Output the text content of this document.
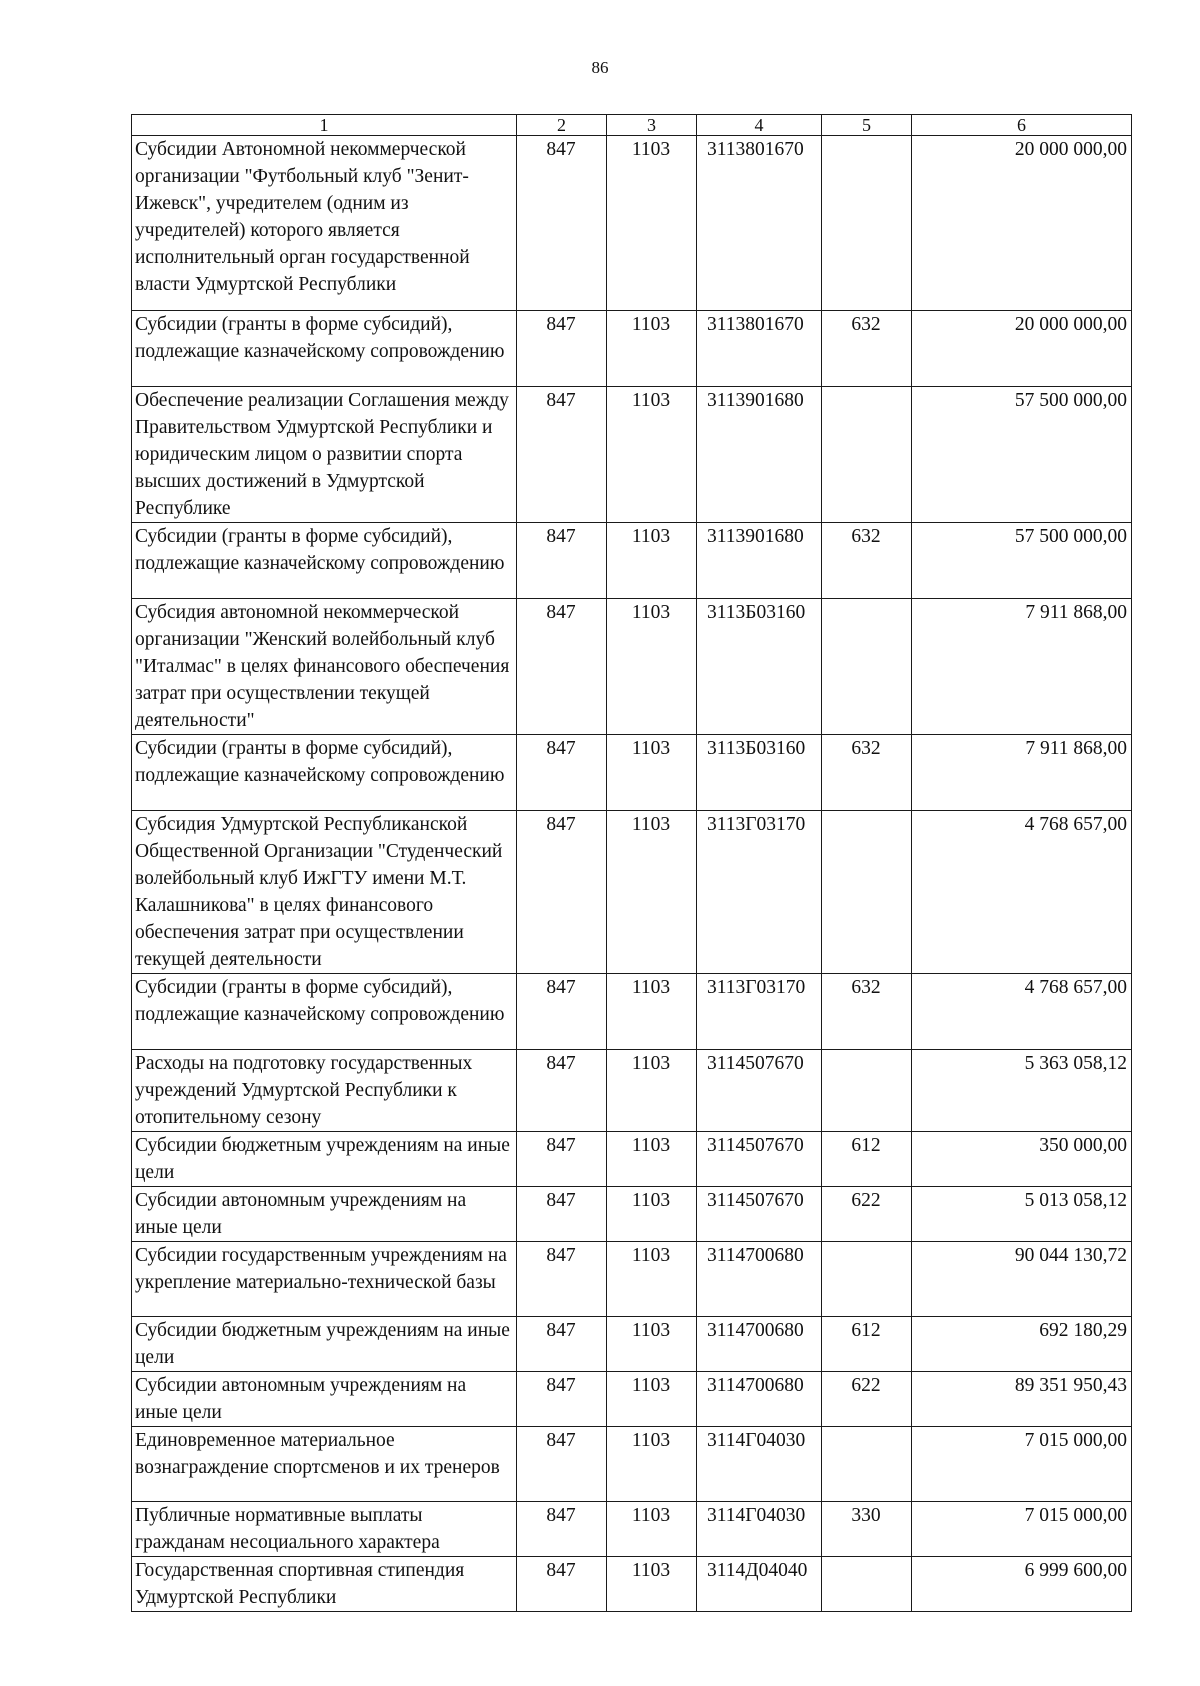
86
1	2	3	4	5	6
Субсидии Автономной некоммерческой организации "Футбольный клуб "Зенит-Ижевск", учредителем (одним из учредителей) которого является исполнительный орган государственной власти Удмуртской Республики	847	1103	3113801670		20 000 000,00
Субсидии (гранты в форме субсидий), подлежащие казначейскому сопровождению	847	1103	3113801670	632	20 000 000,00
Обеспечение реализации Соглашения между Правительством Удмуртской Республики и юридическим лицом о развитии спорта высших достижений в Удмуртской Республике	847	1103	3113901680		57 500 000,00
Субсидии (гранты в форме субсидий), подлежащие казначейскому сопровождению	847	1103	3113901680	632	57 500 000,00
Субсидия автономной некоммерческой организации "Женский волейбольный клуб "Италмас" в целях финансового обеспечения затрат при осуществлении текущей деятельности"	847	1103	3113Б03160		7 911 868,00
Субсидии (гранты в форме субсидий), подлежащие казначейскому сопровождению	847	1103	3113Б03160	632	7 911 868,00
Субсидия Удмуртской Республиканской Общественной Организации "Студенческий волейбольный клуб ИжГТУ имени М.Т. Калашникова" в целях финансового обеспечения затрат при осуществлении текущей деятельности	847	1103	3113Г03170		4 768 657,00
Субсидии (гранты в форме субсидий), подлежащие казначейскому сопровождению	847	1103	3113Г03170	632	4 768 657,00
Расходы на подготовку государственных учреждений Удмуртской Республики к отопительному сезону	847	1103	3114507670		5 363 058,12
Субсидии бюджетным учреждениям на иные цели	847	1103	3114507670	612	350 000,00
Субсидии автономным учреждениям на иные цели	847	1103	3114507670	622	5 013 058,12
Субсидии государственным учреждениям на укрепление материально-технической базы	847	1103	3114700680		90 044 130,72
Субсидии бюджетным учреждениям на иные цели	847	1103	3114700680	612	692 180,29
Субсидии автономным учреждениям на иные цели	847	1103	3114700680	622	89 351 950,43
Единовременное материальное вознаграждение спортсменов и их тренеров	847	1103	3114Г04030		7 015 000,00
Публичные нормативные выплаты гражданам несоциального характера	847	1103	3114Г04030	330	7 015 000,00
Государственная спортивная стипендия Удмуртской Республики	847	1103	3114Д04040		6 999 600,00
